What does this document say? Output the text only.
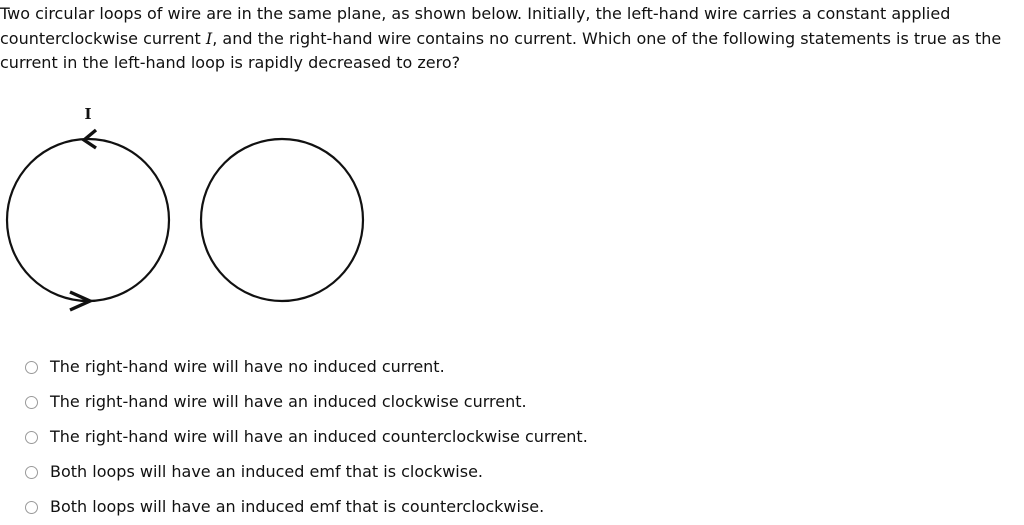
Two circular loops of wire are in the same plane, as shown below. Initially, the left-hand wire carries a constant applied counterclockwise current I, and the right-hand wire contains no current. Which one of the following statements is true as the current in the left-hand loop is rapidly decreased to zero?
I
The right-hand wire will have no induced current.
The right-hand wire will have an induced clockwise current.
The right-hand wire will have an induced counterclockwise current.
Both loops will have an induced emf that is clockwise.
Both loops will have an induced emf that is counterclockwise.
